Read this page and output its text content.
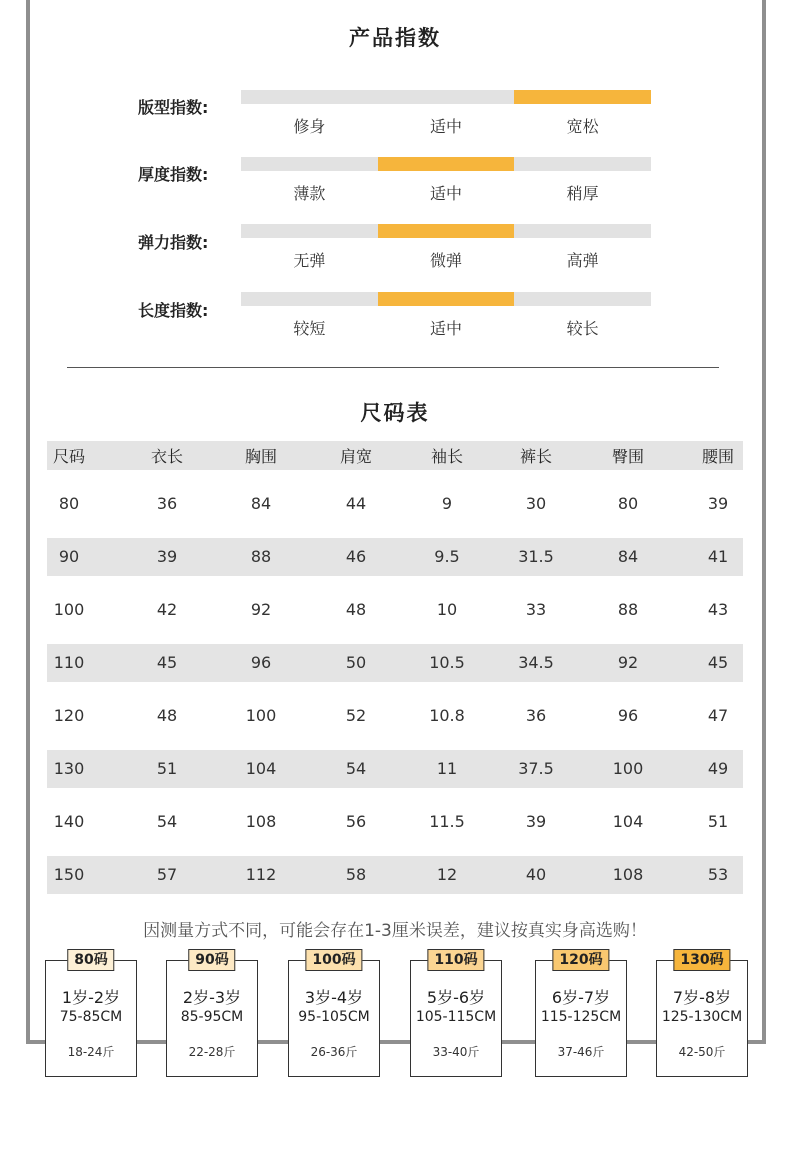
产品指数
版型指数:
修身	适中	宽松
厚度指数:
薄款	适中	稍厚
弹力指数:
无弹	微弹	高弹
长度指数:
较短	适中	较长
尺码表
尺码	衣长	胸围	肩宽	袖长	裤长	臀围	腰围
80	36	84	44	9	30	80	39
90	39	88	46	9.5	31.5	84	41
100	42	92	48	10	33	88	43
110	45	96	50	10.5	34.5	92	45
120	48	100	52	10.8	36	96	47
130	51	104	54	11	37.5	100	49
140	54	108	56	11.5	39	104	51
150	57	112	58	12	40	108	53
因测量方式不同，可能会存在1-3厘米误差，建议按真实身高选购！
80码
1岁-2岁
75-85CM
18-24斤
90码
2岁-3岁
85-95CM
22-28斤
100码
3岁-4岁
95-105CM
26-36斤
110码
5岁-6岁
105-115CM
33-40斤
120码
6岁-7岁
115-125CM
37-46斤
130码
7岁-8岁
125-130CM
42-50斤
